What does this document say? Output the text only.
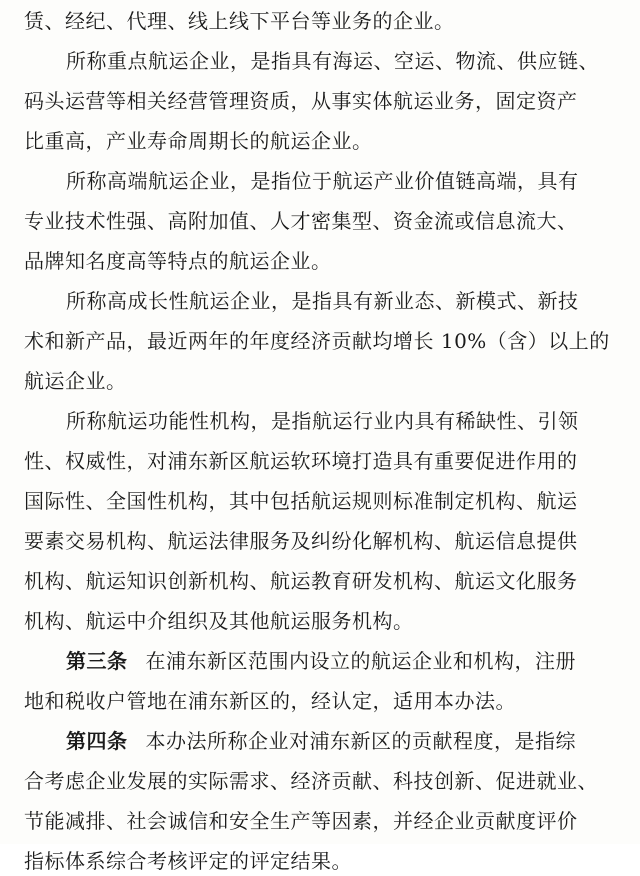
赁、经纪、代理、线上线下平台等业务的企业。
所称重点航运企业，是指具有海运、空运、物流、供应链、
码头运营等相关经营管理资质，从事实体航运业务，固定资产
比重高，产业寿命周期长的航运企业。
所称高端航运企业，是指位于航运产业价值链高端，具有
专业技术性强、高附加值、人才密集型、资金流或信息流大、
品牌知名度高等特点的航运企业。
所称高成长性航运企业，是指具有新业态、新模式、新技
术和新产品，最近两年的年度经济贡献均增长 10%（含）以上的
航运企业。
所称航运功能性机构，是指航运行业内具有稀缺性、引领
性、权威性，对浦东新区航运软环境打造具有重要促进作用的
国际性、全国性机构，其中包括航运规则标准制定机构、航运
要素交易机构、航运法律服务及纠纷化解机构、航运信息提供
机构、航运知识创新机构、航运教育研发机构、航运文化服务
机构、航运中介组织及其他航运服务机构。
第三条 在浦东新区范围内设立的航运企业和机构，注册
地和税收户管地在浦东新区的，经认定，适用本办法。
第四条 本办法所称企业对浦东新区的贡献程度，是指综
合考虑企业发展的实际需求、经济贡献、科技创新、促进就业、
节能减排、社会诚信和安全生产等因素，并经企业贡献度评价
指标体系综合考核评定的评定结果。
